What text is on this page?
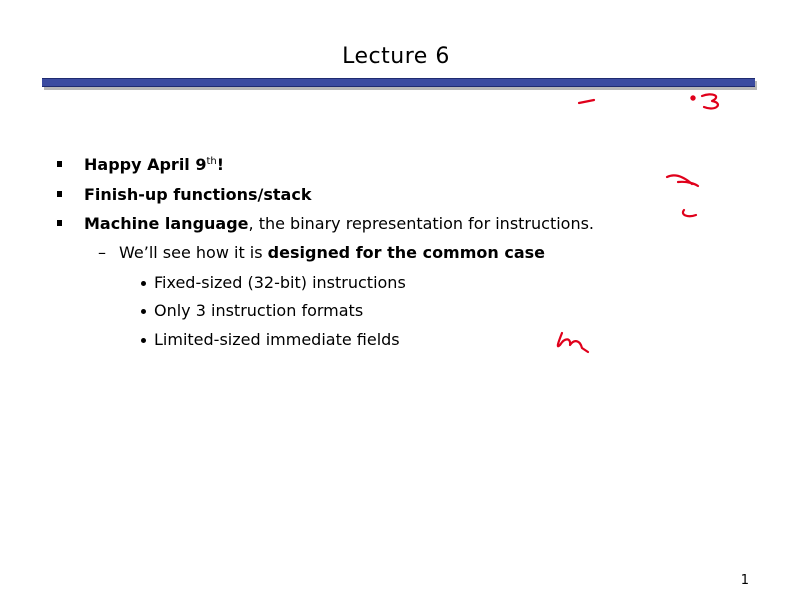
Lecture 6
Happy April 9th!
Finish-up functions/stack
Machine language, the binary representation for instructions.
– We’ll see how it is designed for the common case
Fixed-sized (32-bit) instructions
Only 3 instruction formats
Limited-sized immediate fields
1
